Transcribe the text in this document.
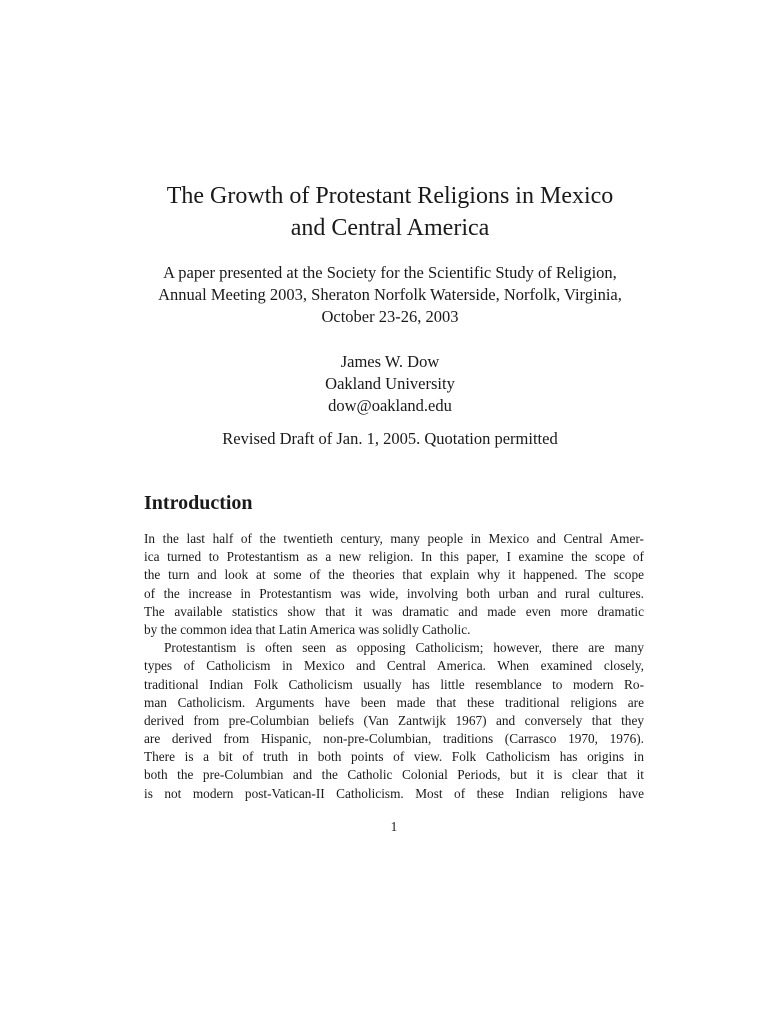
The Growth of Protestant Religions in Mexico
and Central America
A paper presented at the Society for the Scientific Study of Religion,
Annual Meeting 2003, Sheraton Norfolk Waterside, Norfolk, Virginia,
October 23-26, 2003
James W. Dow
Oakland University
dow@oakland.edu
Revised Draft of Jan. 1, 2005. Quotation permitted
Introduction
In the last half of the twentieth century, many people in Mexico and Central Amer-
ica turned to Protestantism as a new religion. In this paper, I examine the scope of
the turn and look at some of the theories that explain why it happened. The scope
of the increase in Protestantism was wide, involving both urban and rural cultures.
The available statistics show that it was dramatic and made even more dramatic
by the common idea that Latin America was solidly Catholic.
Protestantism is often seen as opposing Catholicism; however, there are many
types of Catholicism in Mexico and Central America. When examined closely,
traditional Indian Folk Catholicism usually has little resemblance to modern Ro-
man Catholicism. Arguments have been made that these traditional religions are
derived from pre-Columbian beliefs (Van Zantwijk 1967) and conversely that they
are derived from Hispanic, non-pre-Columbian, traditions (Carrasco 1970, 1976).
There is a bit of truth in both points of view. Folk Catholicism has origins in
both the pre-Columbian and the Catholic Colonial Periods, but it is clear that it
is not modern post-Vatican-II Catholicism. Most of these Indian religions have
1
